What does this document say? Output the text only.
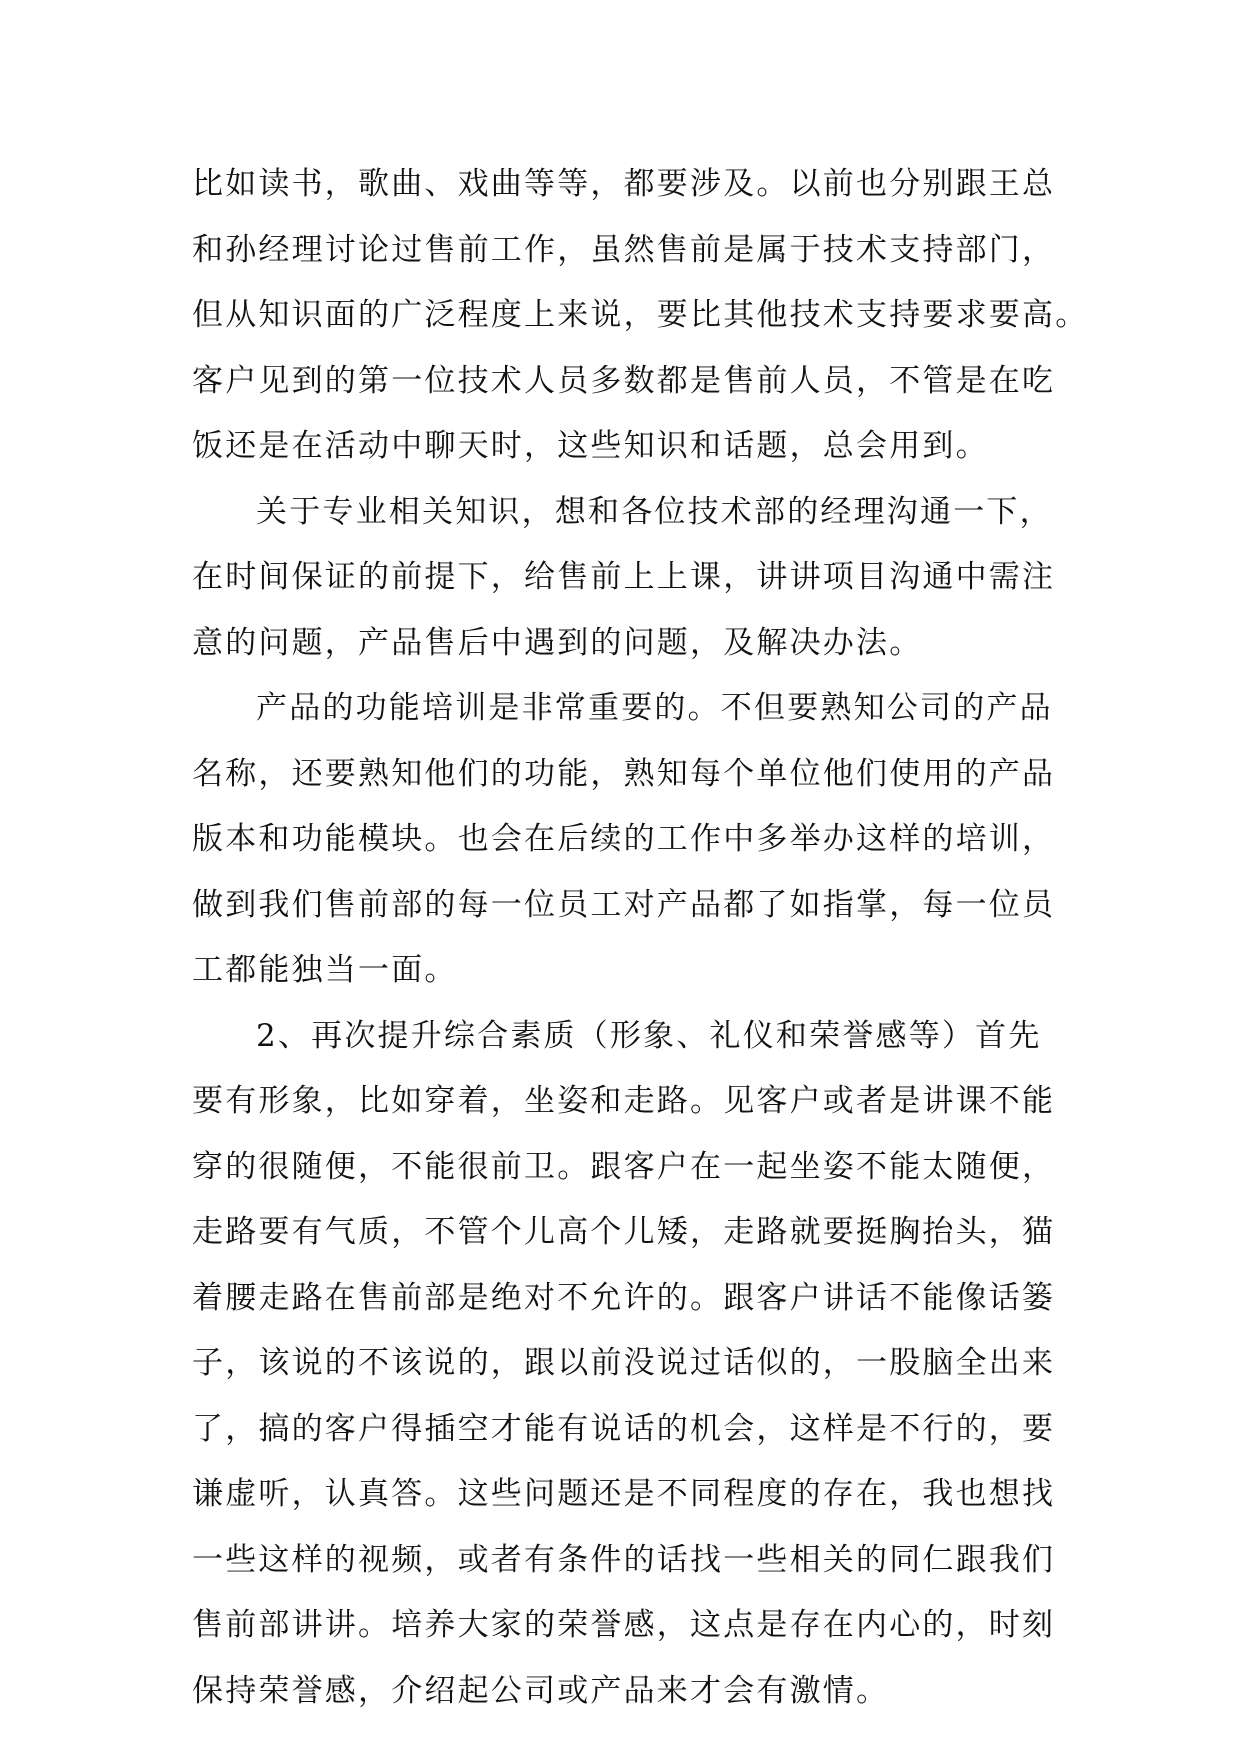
比如读书，歌曲、戏曲等等，都要涉及。以前也分别跟王总
和孙经理讨论过售前工作，虽然售前是属于技术支持部门，
但从知识面的广泛程度上来说，要比其他技术支持要求要高。
客户见到的第一位技术人员多数都是售前人员，不管是在吃
饭还是在活动中聊天时，这些知识和话题，总会用到。
关于专业相关知识，想和各位技术部的经理沟通一下，
在时间保证的前提下，给售前上上课，讲讲项目沟通中需注
意的问题，产品售后中遇到的问题，及解决办法。
产品的功能培训是非常重要的。不但要熟知公司的产品
名称，还要熟知他们的功能，熟知每个单位他们使用的产品
版本和功能模块。也会在后续的工作中多举办这样的培训，
做到我们售前部的每一位员工对产品都了如指掌，每一位员
工都能独当一面。
2、再次提升综合素质（形象、礼仪和荣誉感等）首先
要有形象，比如穿着，坐姿和走路。见客户或者是讲课不能
穿的很随便，不能很前卫。跟客户在一起坐姿不能太随便，
走路要有气质，不管个儿高个儿矮，走路就要挺胸抬头，猫
着腰走路在售前部是绝对不允许的。跟客户讲话不能像话篓
子，该说的不该说的，跟以前没说过话似的，一股脑全出来
了，搞的客户得插空才能有说话的机会，这样是不行的，要
谦虚听，认真答。这些问题还是不同程度的存在，我也想找
一些这样的视频，或者有条件的话找一些相关的同仁跟我们
售前部讲讲。培养大家的荣誉感，这点是存在内心的，时刻
保持荣誉感，介绍起公司或产品来才会有激情。
